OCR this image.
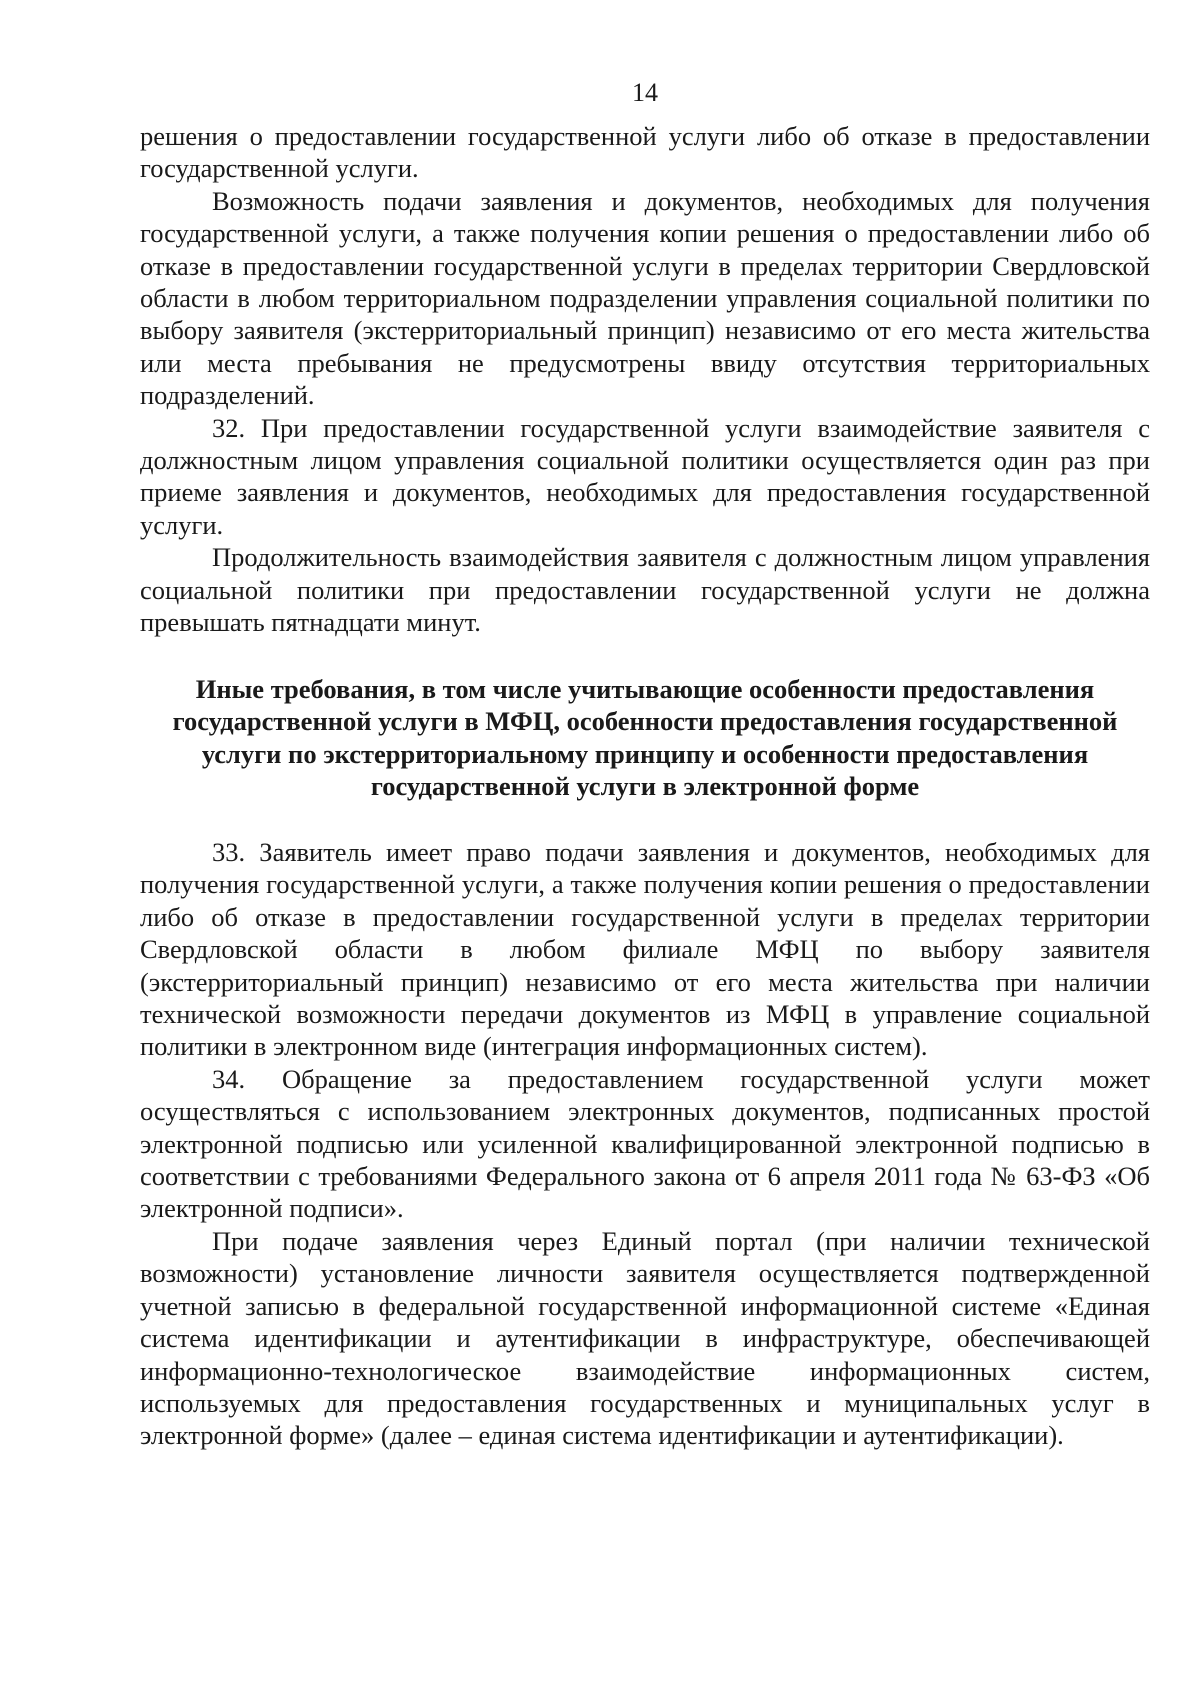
14

решения о предоставлении государственной услуги либо об отказе в предоставлении государственной услуги.

Возможность подачи заявления и документов, необходимых для получения государственной услуги, а также получения копии решения о предоставлении либо об отказе в предоставлении государственной услуги в пределах территории Свердловской области в любом территориальном подразделении управления социальной политики по выбору заявителя (экстерриториальный принцип) независимо от его места жительства или места пребывания не предусмотрены ввиду отсутствия территориальных подразделений.

32. При предоставлении государственной услуги взаимодействие заявителя с должностным лицом управления социальной политики осуществляется один раз при приеме заявления и документов, необходимых для предоставления государственной услуги.

Продолжительность взаимодействия заявителя с должностным лицом управления социальной политики при предоставлении государственной услуги не должна превышать пятнадцати минут.

Иные требования, в том числе учитывающие особенности предоставления государственной услуги в МФЦ, особенности предоставления государственной услуги по экстерриториальному принципу и особенности предоставления государственной услуги в электронной форме

33. Заявитель имеет право подачи заявления и документов, необходимых для получения государственной услуги, а также получения копии решения о предоставлении либо об отказе в предоставлении государственной услуги в пределах территории Свердловской области в любом филиале МФЦ по выбору заявителя (экстерриториальный принцип) независимо от его места жительства при наличии технической возможности передачи документов из МФЦ в управление социальной политики в электронном виде (интеграция информационных систем).

34. Обращение за предоставлением государственной услуги может осуществляться с использованием электронных документов, подписанных простой электронной подписью или усиленной квалифицированной электронной подписью в соответствии с требованиями Федерального закона от 6 апреля 2011 года № 63-ФЗ «Об электронной подписи».

При подаче заявления через Единый портал (при наличии технической возможности) установление личности заявителя осуществляется подтвержденной учетной записью в федеральной государственной информационной системе «Единая система идентификации и аутентификации в инфраструктуре, обеспечивающей информационно-технологическое взаимодействие информационных систем, используемых для предоставления государственных и муниципальных услуг в электронной форме» (далее – единая система идентификации и аутентификации).
